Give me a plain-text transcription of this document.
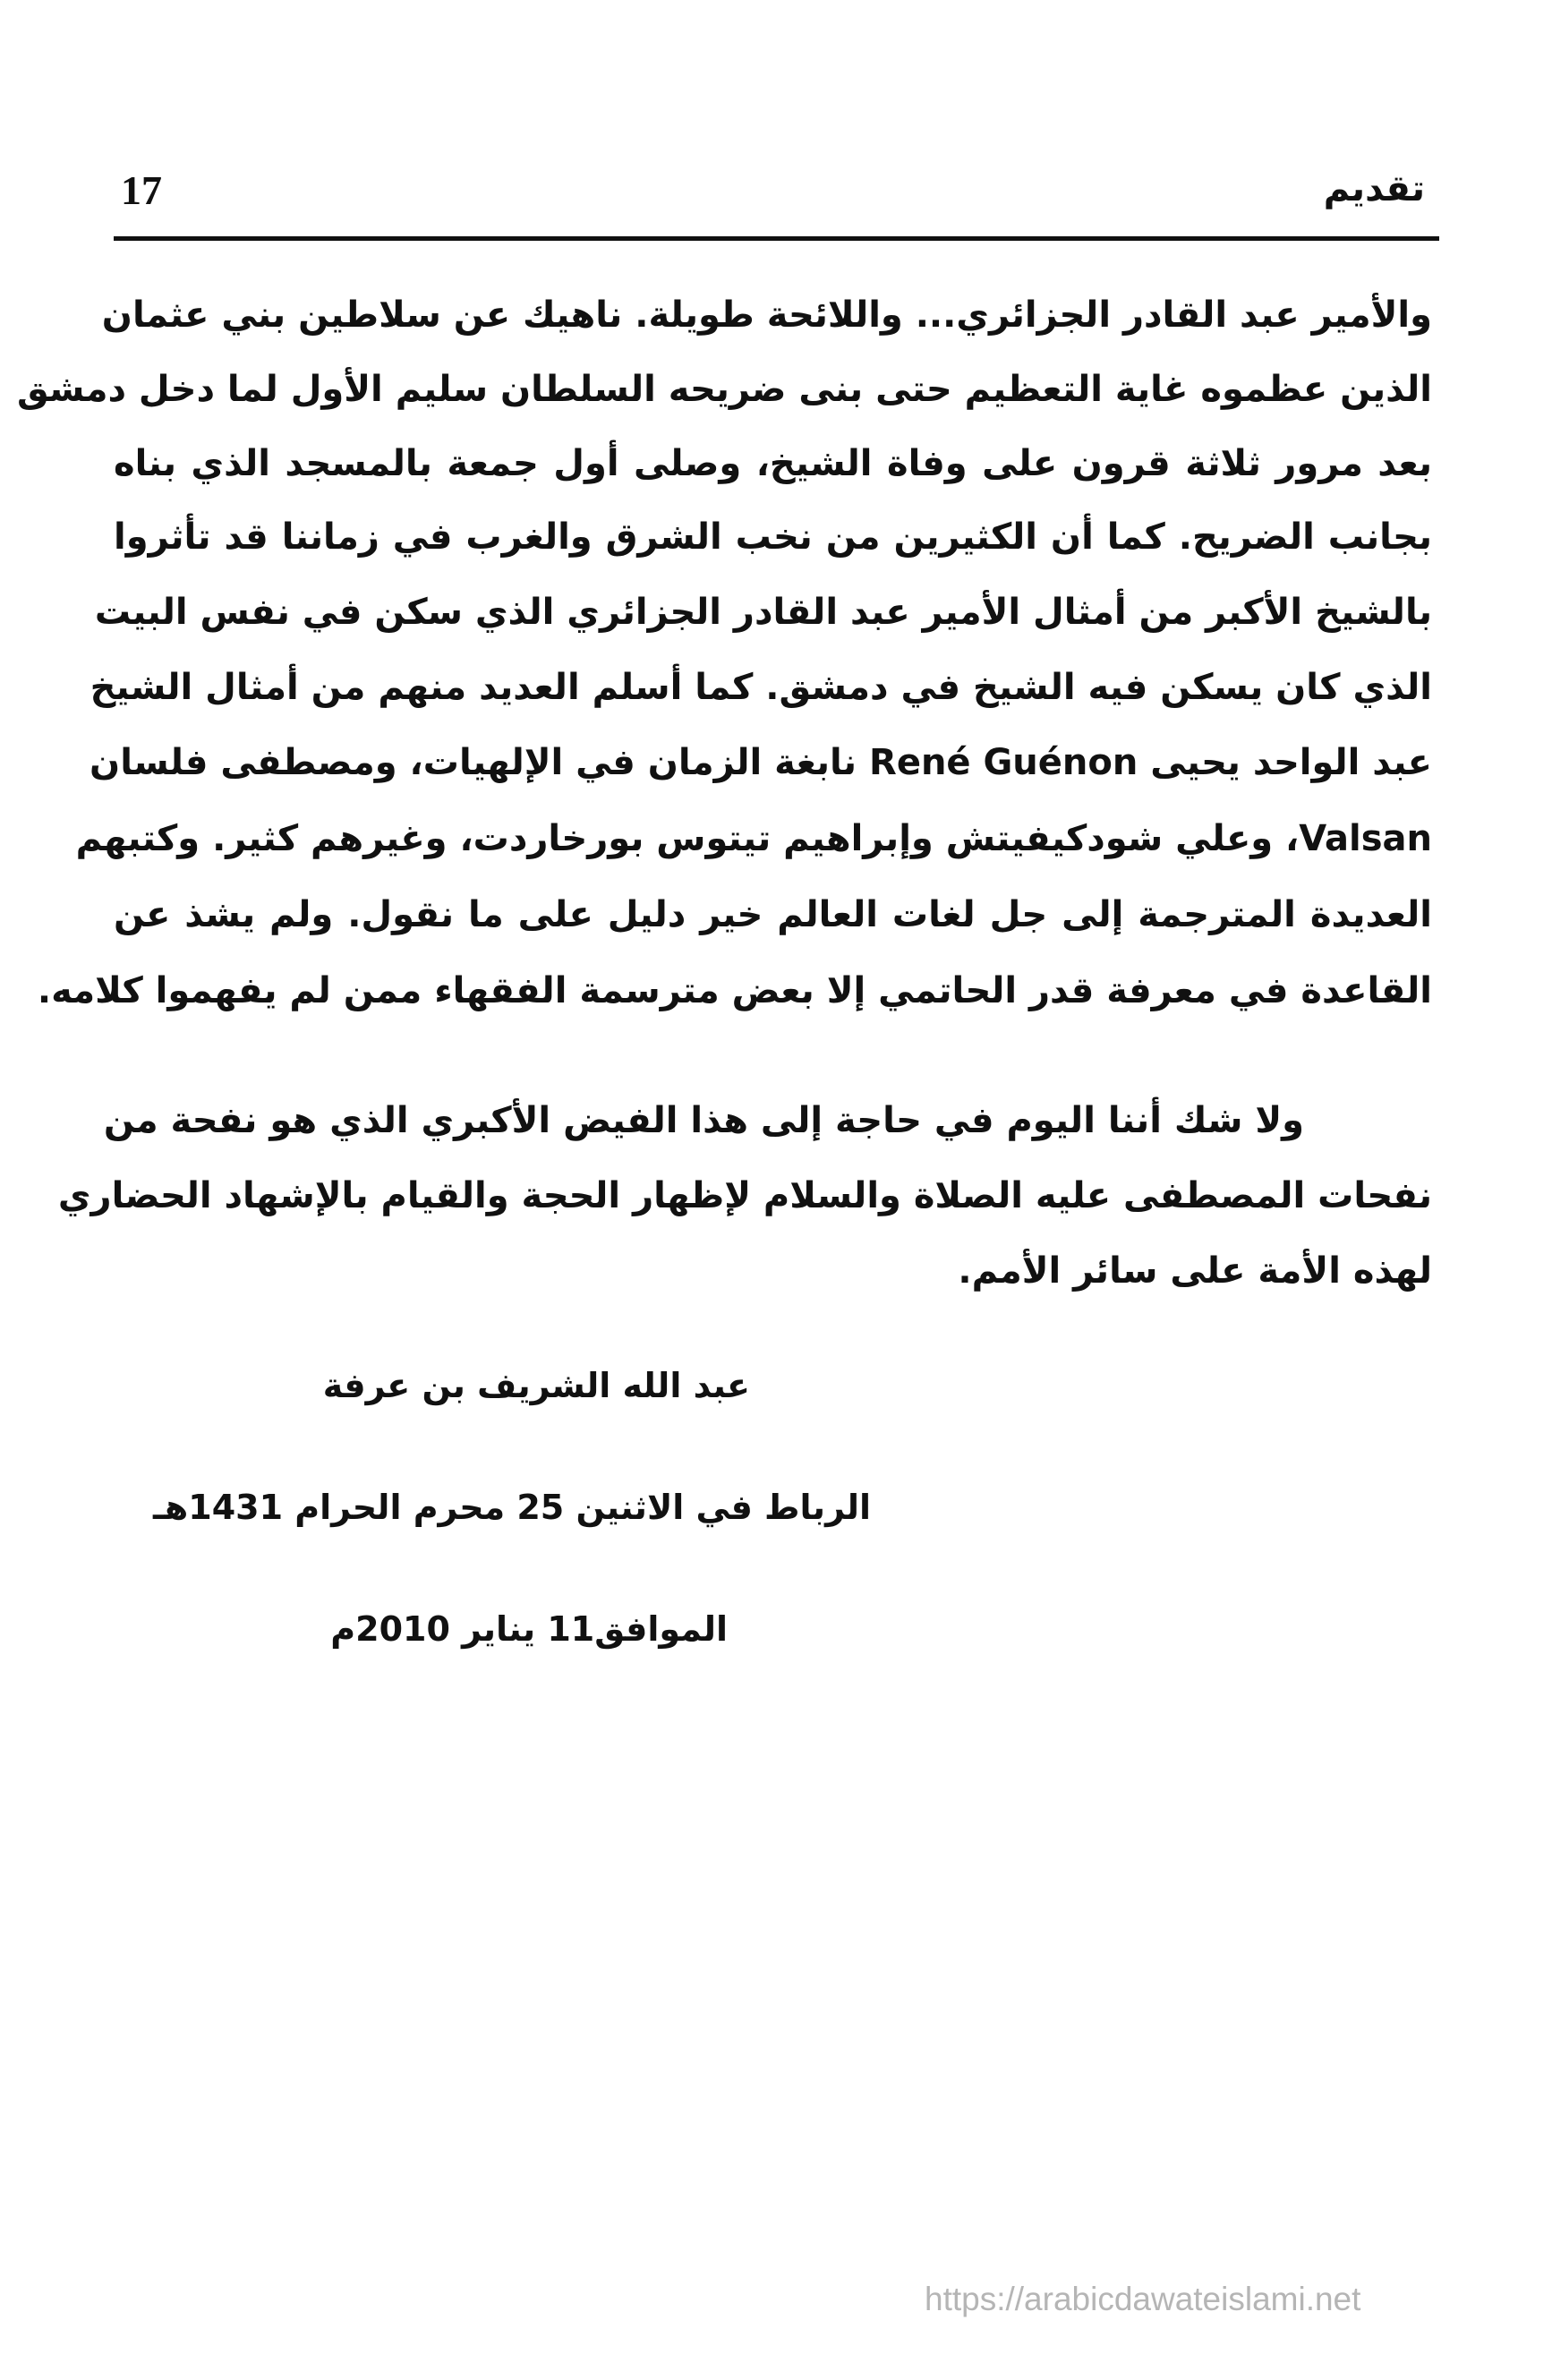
تقديم
17
والأمير عبد القادر الجزائري... واللائحة طويلة. ناهيك عن سلاطين بني عثمان
الذين عظموه غاية التعظيم حتى بنى ضريحه السلطان سليم الأول لما دخل دمشق
بعد مرور ثلاثة قرون على وفاة الشيخ، وصلى أول جمعة بالمسجد الذي بناه
بجانب الضريح. كما أن الكثيرين من نخب الشرق والغرب في زماننا قد تأثروا
بالشيخ الأكبر من أمثال الأمير عبد القادر الجزائري الذي سكن في نفس البيت
الذي كان يسكن فيه الشيخ في دمشق. كما أسلم العديد منهم من أمثال الشيخ
عبد الواحد يحيى René Guénon نابغة الزمان في الإلهيات، ومصطفى فلسان
Valsan، وعلي شودكيفيتش وإبراهيم تيتوس بورخاردت، وغيرهم كثير. وكتبهم
العديدة المترجمة إلى جل لغات العالم خير دليل على ما نقول. ولم يشذ عن
القاعدة في معرفة قدر الحاتمي إلا بعض مترسمة الفقهاء ممن لم يفهموا كلامه.
ولا شك أننا اليوم في حاجة إلى هذا الفيض الأكبري الذي هو نفحة من
نفحات المصطفى عليه الصلاة والسلام لإظهار الحجة والقيام بالإشهاد الحضاري
لهذه الأمة على سائر الأمم.
عبد الله الشريف بن عرفة
الرباط في الاثنين 25 محرم الحرام 1431هـ
الموافق11 يناير 2010م
https://arabicdawateislami.net
